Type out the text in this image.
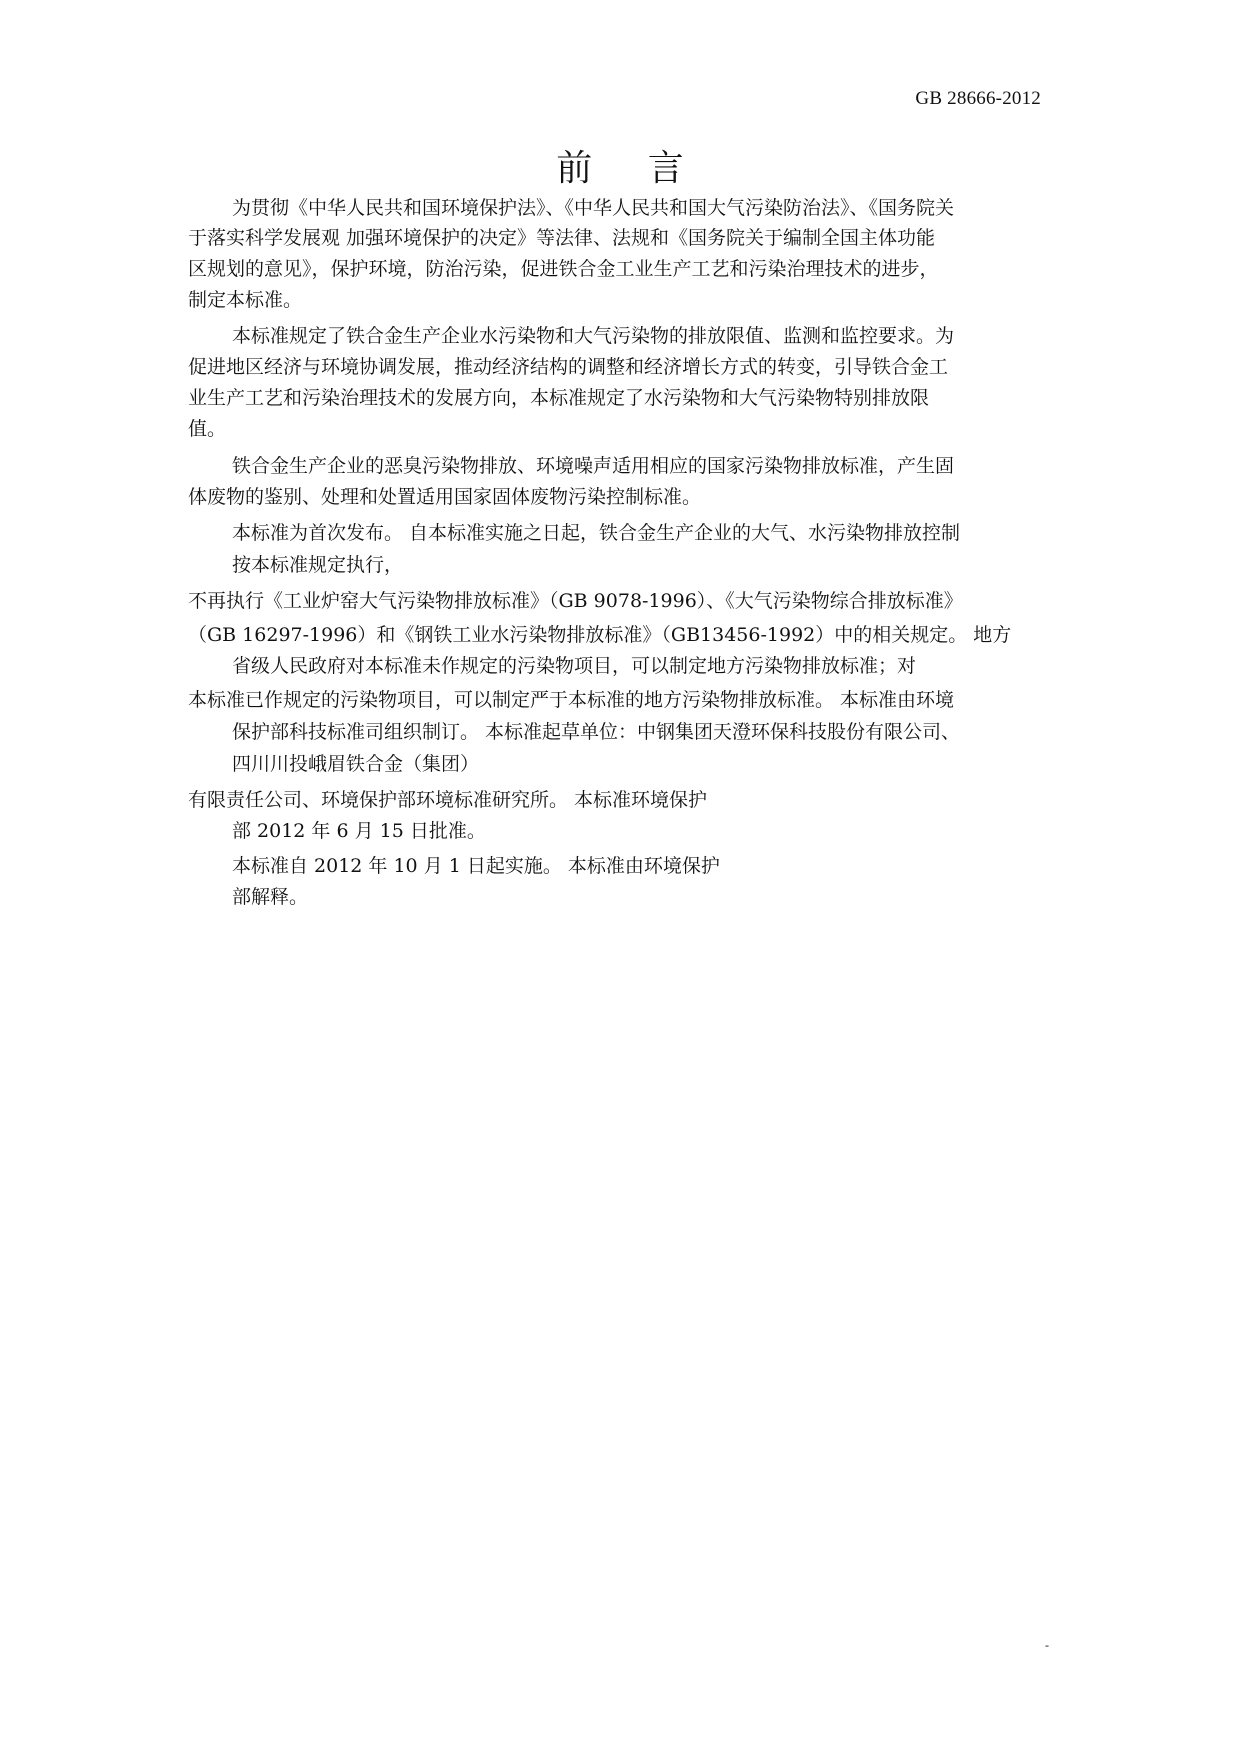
GB 28666-2012
前 言
为贯彻《中华人民共和国环境保护法》、《中华人民共和国大气污染防治法》、《国务院关
于落实科学发展观 加强环境保护的决定》等法律、法规和《国务院关于编制全国主体功能
区规划的意见》，保护环境，防治污染，促进铁合金工业生产工艺和污染治理技术的进步，
制定本标准。
本标准规定了铁合金生产企业水污染物和大气污染物的排放限值、监测和监控要求。为
促进地区经济与环境协调发展，推动经济结构的调整和经济增长方式的转变，引导铁合金工
业生产工艺和污染治理技术的发展方向，本标准规定了水污染物和大气污染物特别排放限
值。
铁合金生产企业的恶臭污染物排放、环境噪声适用相应的国家污染物排放标准，产生固
体废物的鉴别、处理和处置适用国家固体废物污染控制标准。
本标准为首次发布。 自本标准实施之日起，铁合金生产企业的大气、水污染物排放控制
按本标准规定执行，
不再执行《工业炉窑大气污染物排放标准》（GB 9078-1996）、《大气污染物综合排放标准》
（GB 16297-1996）和《钢铁工业水污染物排放标准》（GB13456-1992）中的相关规定。 地方
省级人民政府对本标准未作规定的污染物项目，可以制定地方污染物排放标准；对
本标准已作规定的污染物项目，可以制定严于本标准的地方污染物排放标准。 本标准由环境
保护部科技标准司组织制订。 本标准起草单位：中钢集团天澄环保科技股份有限公司、
四川川投峨眉铁合金（集团）
有限责任公司、环境保护部环境标准研究所。 本标准环境保护
部 2012 年 6 月 15 日批准。
本标准自 2012 年 10 月 1 日起实施。 本标准由环境保护
部解释。
-
